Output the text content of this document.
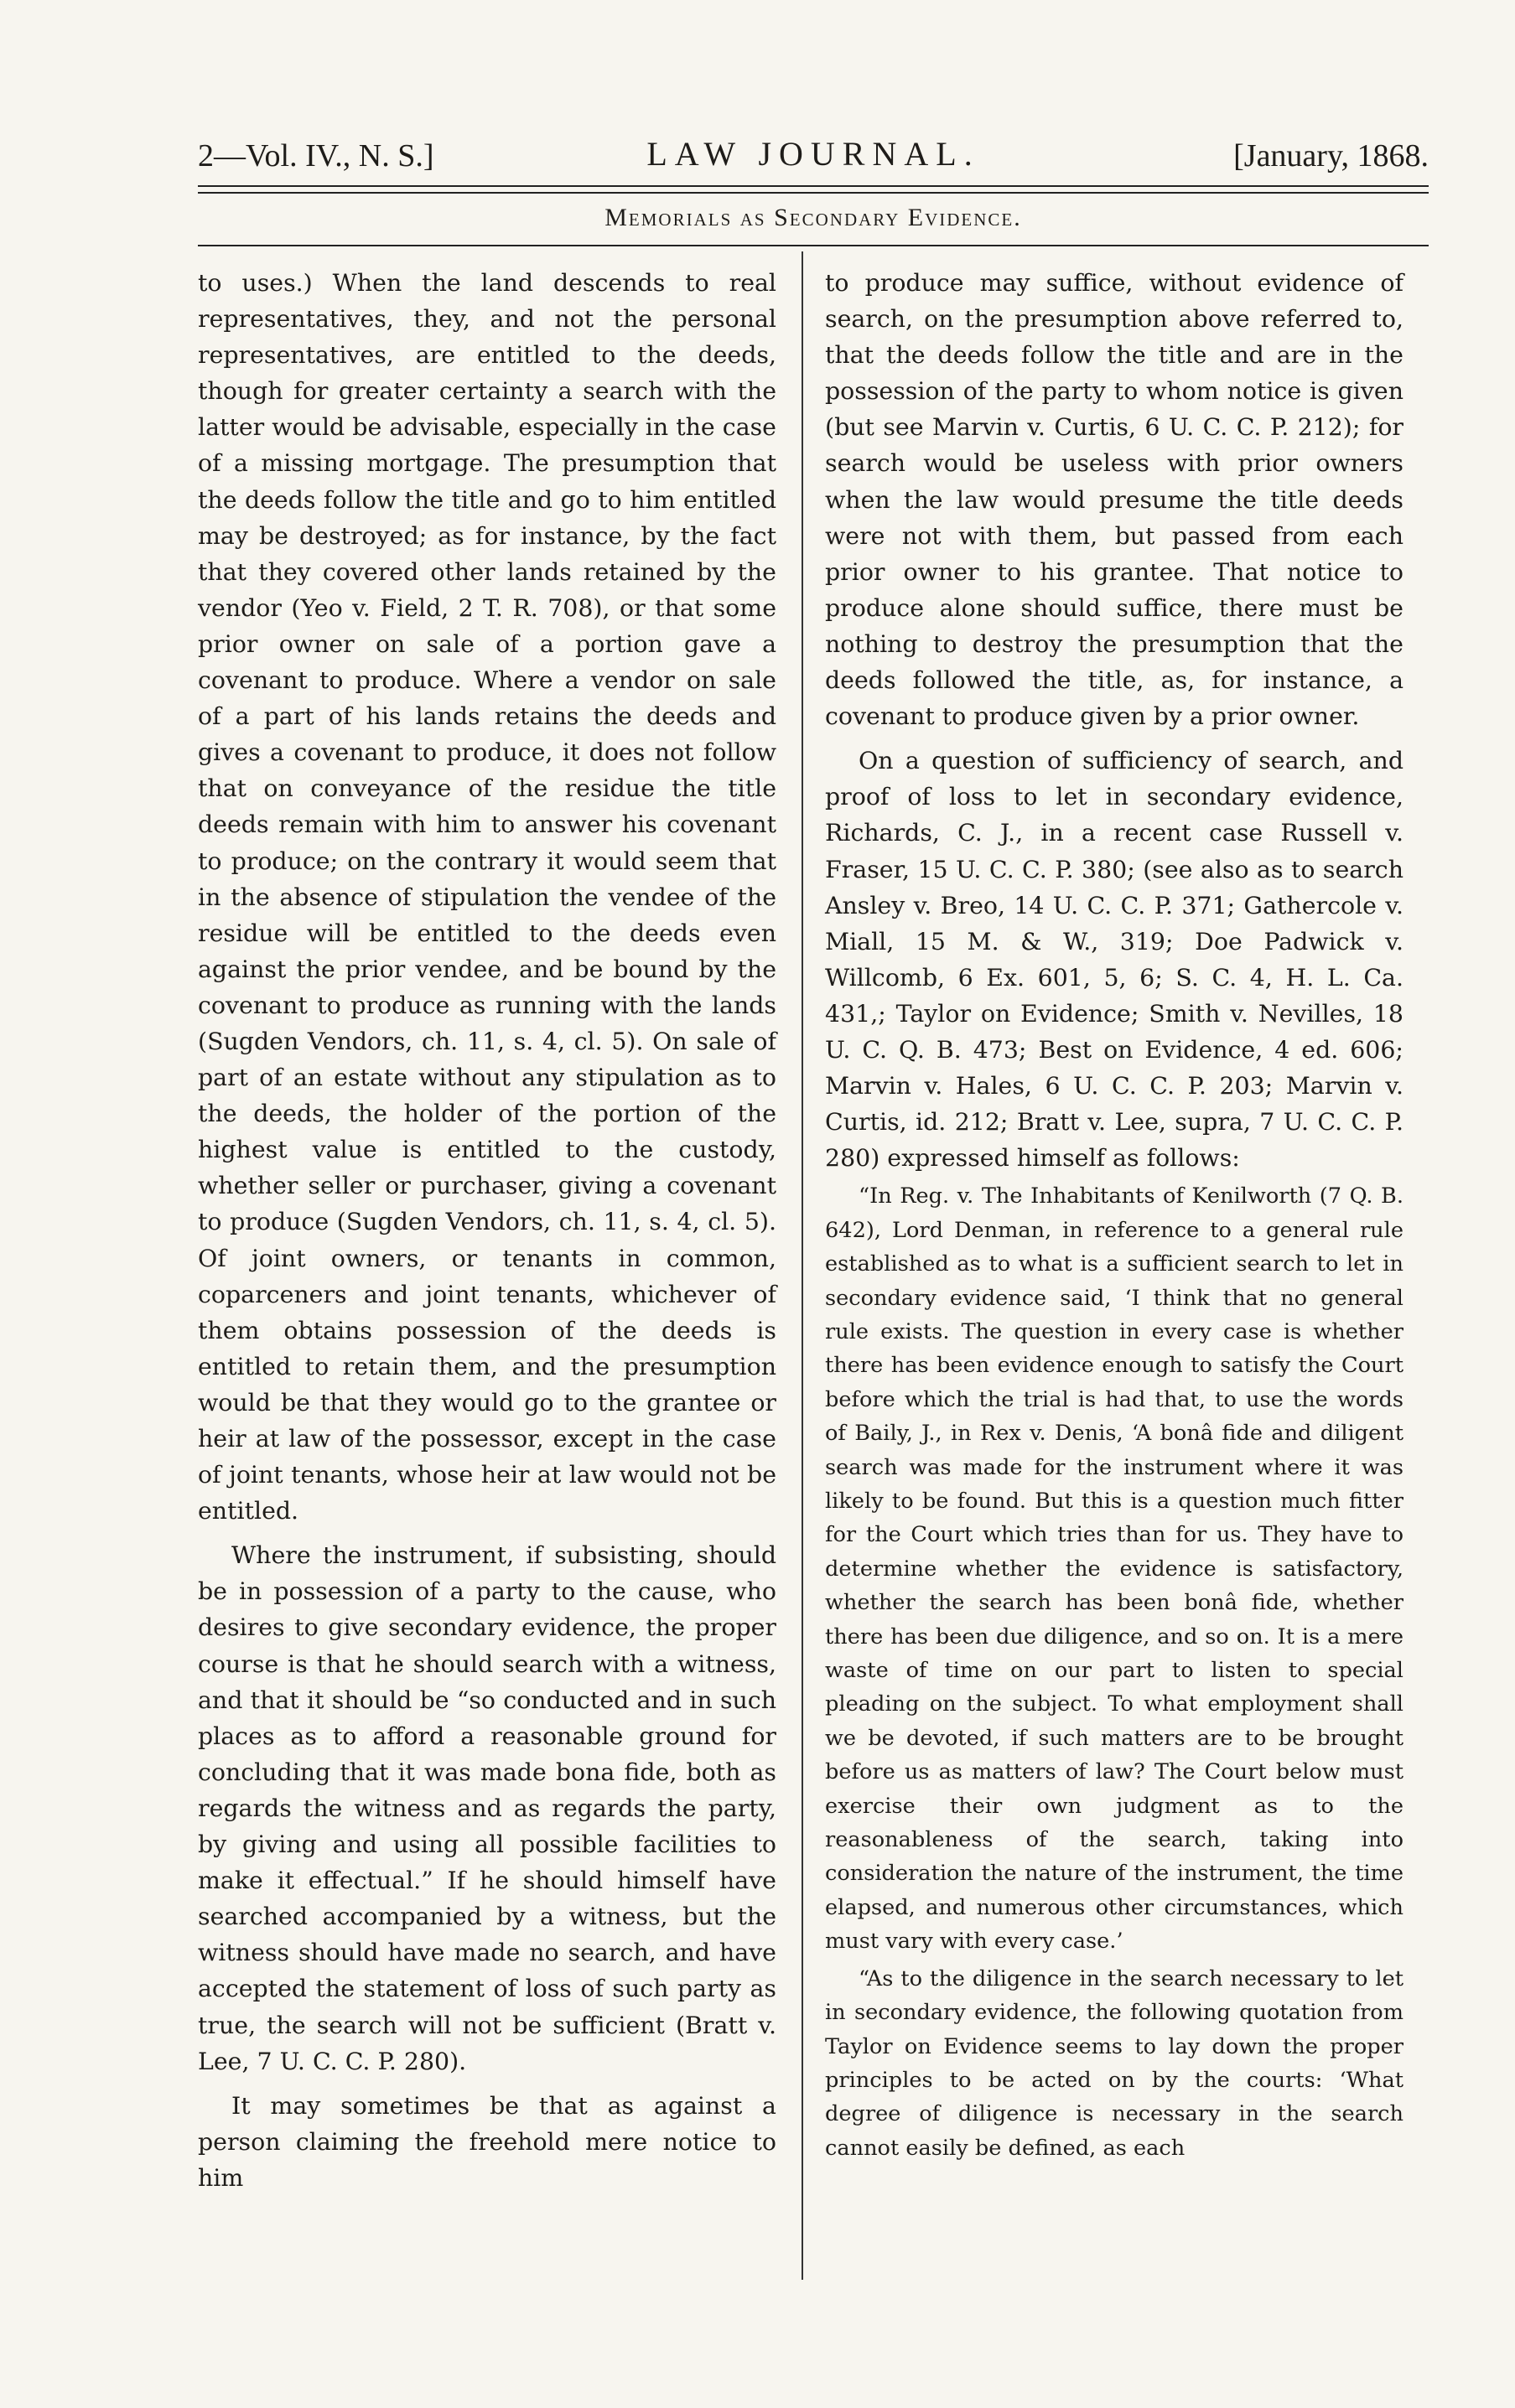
2—Vol. IV., N. S.]	LAW JOURNAL.	[January, 1868.
Memorials as Secondary Evidence.

to uses.) When the land descends to real representatives, they, and not the personal representatives, are entitled to the deeds, though for greater certainty a search with the latter would be advisable, especially in the case of a missing mortgage. The presumption that the deeds follow the title and go to him entitled may be destroyed; as for instance, by the fact that they covered other lands retained by the vendor (Yeo v. Field, 2 T. R. 708), or that some prior owner on sale of a portion gave a covenant to produce. Where a vendor on sale of a part of his lands retains the deeds and gives a covenant to produce, it does not follow that on conveyance of the residue the title deeds remain with him to answer his covenant to produce; on the contrary it would seem that in the absence of stipulation the vendee of the residue will be entitled to the deeds even against the prior vendee, and be bound by the covenant to produce as running with the lands (Sugden Vendors, ch. 11, s. 4, cl. 5). On sale of part of an estate without any stipulation as to the deeds, the holder of the portion of the highest value is entitled to the custody, whether seller or purchaser, giving a covenant to produce (Sugden Vendors, ch. 11, s. 4, cl. 5). Of joint owners, or tenants in common, coparceners and joint tenants, whichever of them obtains possession of the deeds is entitled to retain them, and the presumption would be that they would go to the grantee or heir at law of the possessor, except in the case of joint tenants, whose heir at law would not be entitled.

Where the instrument, if subsisting, should be in possession of a party to the cause, who desires to give secondary evidence, the proper course is that he should search with a witness, and that it should be “so conducted and in such places as to afford a reasonable ground for concluding that it was made bona fide, both as regards the witness and as regards the party, by giving and using all possible facilities to make it effectual.” If he should himself have searched accompanied by a witness, but the witness should have made no search, and have accepted the statement of loss of such party as true, the search will not be sufficient (Bratt v. Lee, 7 U. C. C. P. 280).

It may sometimes be that as against a person claiming the freehold mere notice to him

to produce may suffice, without evidence of search, on the presumption above referred to, that the deeds follow the title and are in the possession of the party to whom notice is given (but see Marvin v. Curtis, 6 U. C. C. P. 212); for search would be useless with prior owners when the law would presume the title deeds were not with them, but passed from each prior owner to his grantee. That notice to produce alone should suffice, there must be nothing to destroy the presumption that the deeds followed the title, as, for instance, a covenant to produce given by a prior owner.

On a question of sufficiency of search, and proof of loss to let in secondary evidence, Richards, C. J., in a recent case Russell v. Fraser, 15 U. C. C. P. 380; (see also as to search Ansley v. Breo, 14 U. C. C. P. 371; Gathercole v. Miall, 15 M. & W., 319; Doe Padwick v. Willcomb, 6 Ex. 601, 5, 6; S. C. 4, H. L. Ca. 431,; Taylor on Evidence; Smith v. Nevilles, 18 U. C. Q. B. 473; Best on Evidence, 4 ed. 606; Marvin v. Hales, 6 U. C. C. P. 203; Marvin v. Curtis, id. 212; Bratt v. Lee, supra, 7 U. C. C. P. 280) expressed himself as follows:

“In Reg. v. The Inhabitants of Kenilworth (7 Q. B. 642), Lord Denman, in reference to a general rule established as to what is a sufficient search to let in secondary evidence said, ‘I think that no general rule exists. The question in every case is whether there has been evidence enough to satisfy the Court before which the trial is had that, to use the words of Baily, J., in Rex v. Denis, ‘A bonâ fide and diligent search was made for the instrument where it was likely to be found. But this is a question much fitter for the Court which tries than for us. They have to determine whether the evidence is satisfactory, whether the search has been bonâ fide, whether there has been due diligence, and so on. It is a mere waste of time on our part to listen to special pleading on the subject. To what employment shall we be devoted, if such matters are to be brought before us as matters of law? The Court below must exercise their own judgment as to the reasonableness of the search, taking into consideration the nature of the instrument, the time elapsed, and numerous other circumstances, which must vary with every case.’

“As to the diligence in the search necessary to let in secondary evidence, the following quotation from Taylor on Evidence seems to lay down the proper principles to be acted on by the courts: ‘What degree of diligence is necessary in the search cannot easily be defined, as each
